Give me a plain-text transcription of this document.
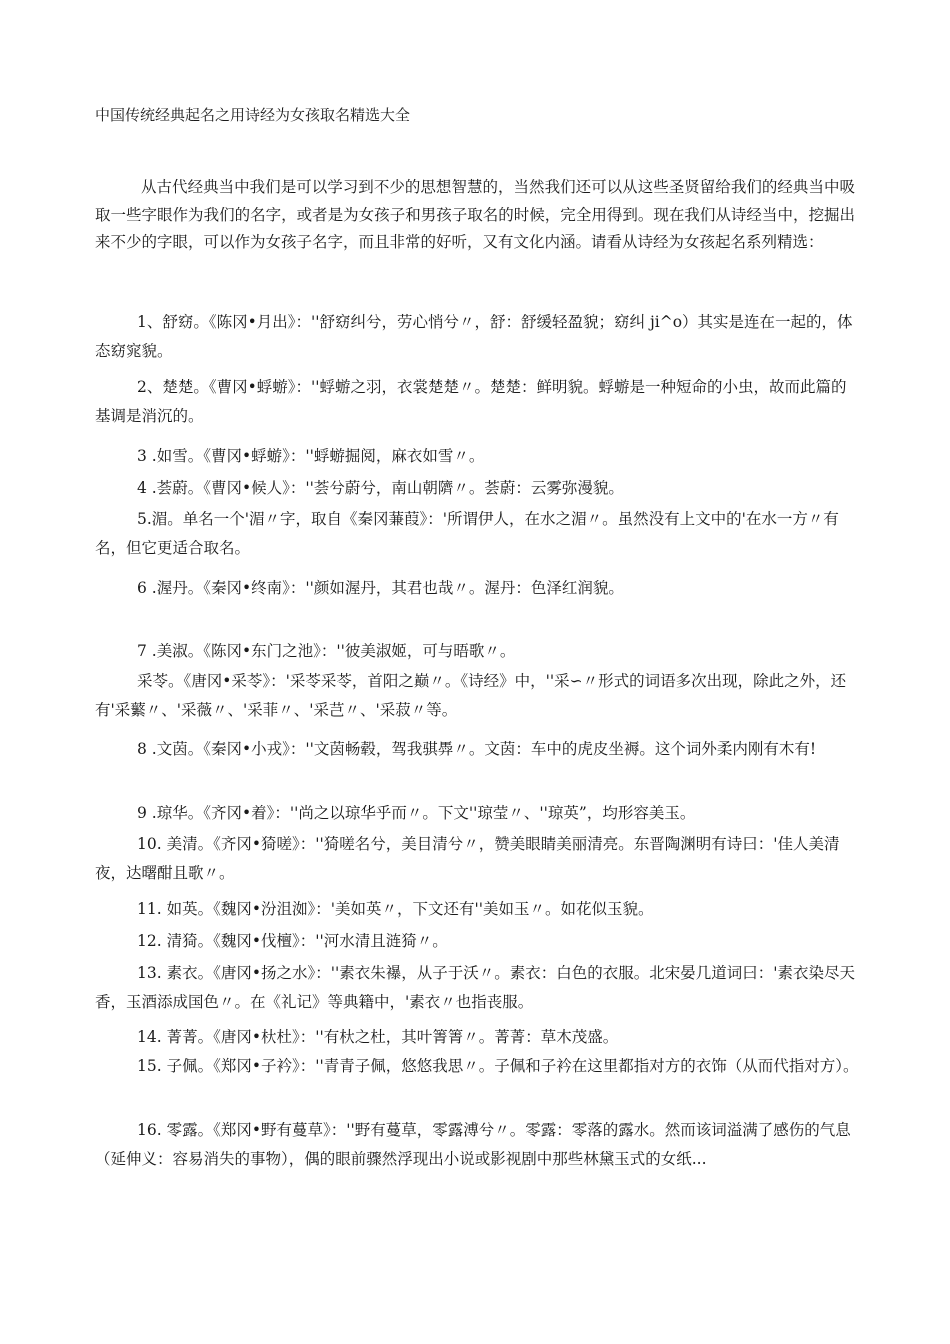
中国传统经典起名之用诗经为女孩取名精选大全

从古代经典当中我们是可以学习到不少的思想智慧的，当然我们还可以从这些圣贤留给我们的经典当中吸取一些字眼作为我们的名字，或者是为女孩子和男孩子取名的时候，完全用得到。现在我们从诗经当中，挖掘出来不少的字眼，可以作为女孩子名字，而且非常的好听，又有文化内涵。请看从诗经为女孩起名系列精选：

1、舒窈。《陈冈•月出》：''舒窈纠兮，劳心悄兮〃，舒：舒缓轻盈貌；窈纠 ji^o）其实是连在一起的，体态窈窕貌。

2、楚楚。《曹冈•蜉蝣》：''蜉蝣之羽，衣裳楚楚〃。楚楚：鲜明貌。蜉蝣是一种短命的小虫，故而此篇的基调是消沉的。

3 .如雪。《曹冈•蜉蝣》：''蜉蝣掘阅，麻衣如雪〃。

4 .荟蔚。《曹冈•候人》：''荟兮蔚兮，南山朝隮〃。荟蔚：云雾弥漫貌。

5.湄。单名一个'湄〃字，取自《秦冈蒹葭》：'所谓伊人，在水之湄〃。虽然没有上文中的'在水一方〃有名，但它更适合取名。

6 .渥丹。《秦冈•终南》：''颜如渥丹，其君也哉〃。渥丹：色泽红润貌。

7 .美淑。《陈冈•东门之池》：''彼美淑姬，可与晤歌〃。

采苓。《唐冈•采苓》：'采苓采苓，首阳之巅〃。《诗经》中，''采∽〃形式的词语多次出现，除此之外，还有'采蘩〃、'采薇〃、'采菲〃、'采芑〃、'采菽〃等。

8 .文茵。《秦冈•小戎》：''文茵畅毂，驾我骐馵〃。文茵：车中的虎皮坐褥。这个词外柔内刚有木有!

9 .琼华。《齐冈•着》：''尚之以琼华乎而〃。下文''琼莹〃、''琼英”，均形容美玉。

10. 美清。《齐冈•猗嗟》：''猗嗟名兮，美目清兮〃，赞美眼睛美丽清亮。东晋陶渊明有诗曰：'佳人美清夜，达曙酣且歌〃。

11. 如英。《魏冈•汾沮洳》：'美如英〃，下文还有''美如玉〃。如花似玉貌。

12. 清猗。《魏冈•伐檀》：''河水清且涟猗〃。

13. 素衣。《唐冈•扬之水》：''素衣朱襮，从子于沃〃。素衣：白色的衣服。北宋晏几道词曰：'素衣染尽天香，玉酒添成国色〃。在《礼记》等典籍中，'素衣〃也指丧服。

14. 菁菁。《唐冈•杕杜》：''有杕之杜，其叶箐箐〃。菁菁：草木茂盛。

15. 子佩。《郑冈•子衿》：''青青子佩，悠悠我思〃。子佩和子衿在这里都指对方的衣饰（从而代指对方）。

16. 零露。《郑冈•野有蔓草》：''野有蔓草，零露溥兮〃。零露：零落的露水。然而该词溢满了感伤的气息（延伸义：容易消失的事物），偶的眼前骤然浮现出小说或影视剧中那些林黛玉式的女纸...
